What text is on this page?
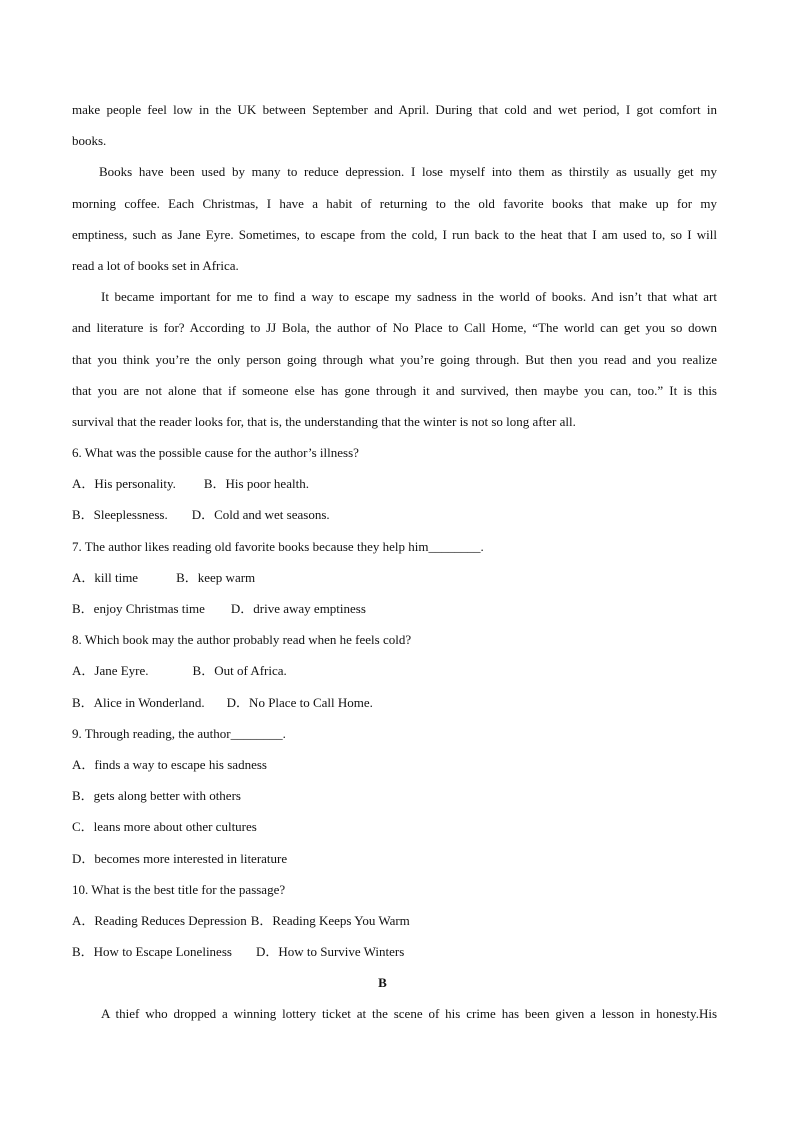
make people feel low in the UK between September and April. During that cold and wet period, I got comfort in
books.
Books have been used by many to reduce depression. I lose myself into them as thirstily as usually get my
morning coffee. Each Christmas, I have a habit of returning to the old favorite books that make up for my
emptiness, such as Jane Eyre. Sometimes, to escape from the cold, I run back to the heat that I am used to, so I will
read a lot of books set in Africa.
It became important for me to find a way to escape my sadness in the world of books. And isn’t that what art
and literature is for? According to JJ Bola, the author of No Place to Call Home, “The world can get you so down
that you think you’re the only person going through what you’re going through. But then you read and you realize
that you are not alone that if someone else has gone through it and survived, then maybe you can, too.” It is this
survival that the reader looks for, that is, the understanding that the winter is not so long after all.
6. What was the possible cause for the author’s illness?
A．His personality. B．His poor health.
B．Sleeplessness. D．Cold and wet seasons.
7. The author likes reading old favorite books because they help him________.
A．kill time	B．keep warm
B．enjoy Christmas time D．drive away emptiness
8. Which book may the author probably read when he feels cold?
A．Jane Eyre.	B．Out of Africa.
B．Alice in Wonderland. D．No Place to Call Home.
9. Through reading, the author________.
A．finds a way to escape his sadness
B．gets along better with others
C．leans more about other cultures
D．becomes more interested in literature
10. What is the best title for the passage?
A．Reading Reduces Depression B．Reading Keeps You Warm
B．How to Escape Loneliness D．How to Survive Winters
B
A thief who dropped a winning lottery ticket at the scene of his crime has been given a lesson in honesty.His
